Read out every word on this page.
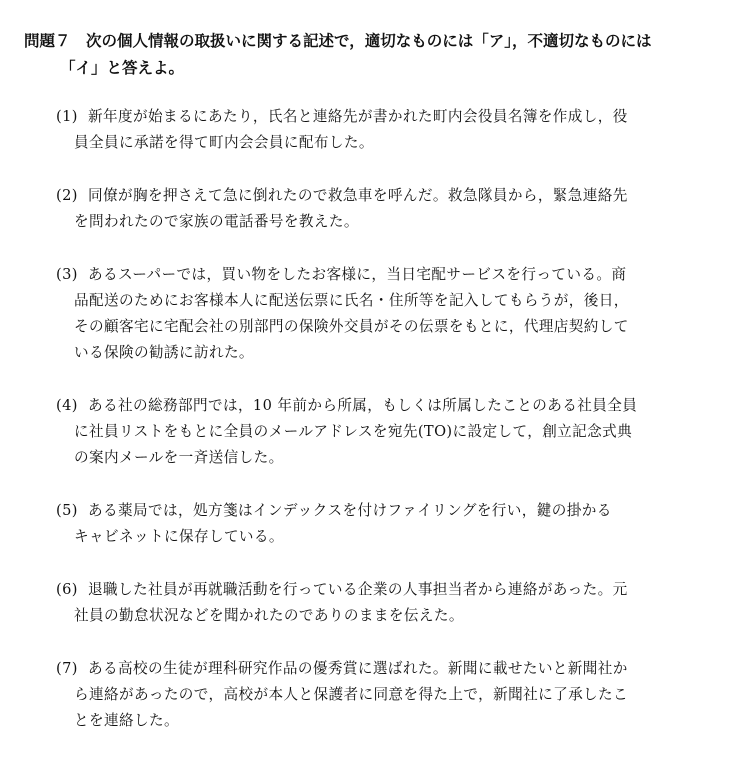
問題７ 次の個人情報の取扱いに関する記述で，適切なものには「ア」，不適切なものには
「イ」と答えよ。
(1) 新年度が始まるにあたり，氏名と連絡先が書かれた町内会役員名簿を作成し，役
員全員に承諾を得て町内会会員に配布した。
(2) 同僚が胸を押さえて急に倒れたので救急車を呼んだ。救急隊員から，緊急連絡先
を問われたので家族の電話番号を教えた。
(3) あるスーパーでは，買い物をしたお客様に，当日宅配サービスを行っている。商
品配送のためにお客様本人に配送伝票に氏名・住所等を記入してもらうが，後日，
その顧客宅に宅配会社の別部門の保険外交員がその伝票をもとに，代理店契約して
いる保険の勧誘に訪れた。
(4) ある社の総務部門では，10 年前から所属，もしくは所属したことのある社員全員
に社員リストをもとに全員のメールアドレスを宛先(TO)に設定して，創立記念式典
の案内メールを一斉送信した。
(5) ある薬局では，処方箋はインデックスを付けファイリングを行い，鍵の掛かる
キャビネットに保存している。
(6) 退職した社員が再就職活動を行っている企業の人事担当者から連絡があった。元
社員の勤怠状況などを聞かれたのでありのままを伝えた。
(7) ある高校の生徒が理科研究作品の優秀賞に選ばれた。新聞に載せたいと新聞社か
ら連絡があったので，高校が本人と保護者に同意を得た上で，新聞社に了承したこ
とを連絡した。
